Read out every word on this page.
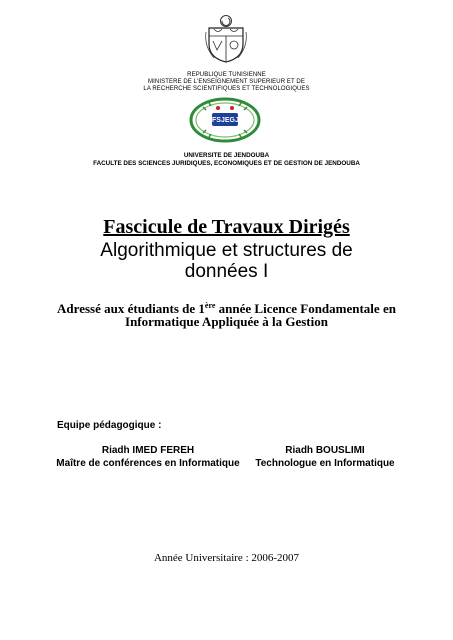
REPUBLIQUE TUNISIENNE
MINISTERE DE L'ENSEIGNEMENT SUPERIEUR ET DE
LA RECHERCHE SCIENTIFIQUES ET TECHNOLOGIQUES
FSJEGJ
UNIVERSITE DE JENDOUBA
FACULTE DES SCIENCES JURIDIQUES, ECONOMIQUES ET DE GESTION DE JENDOUBA
Fascicule de Travaux Dirigés
Algorithmique et structures de
données I
Adressé aux étudiants de 1ère année Licence Fondamentale en
Informatique Appliquée à la Gestion
Equipe pédagogique :
Riadh IMED FEREH
Maître de conférences en Informatique
Riadh BOUSLIMI
Technologue en Informatique
Année Universitaire : 2006-2007
